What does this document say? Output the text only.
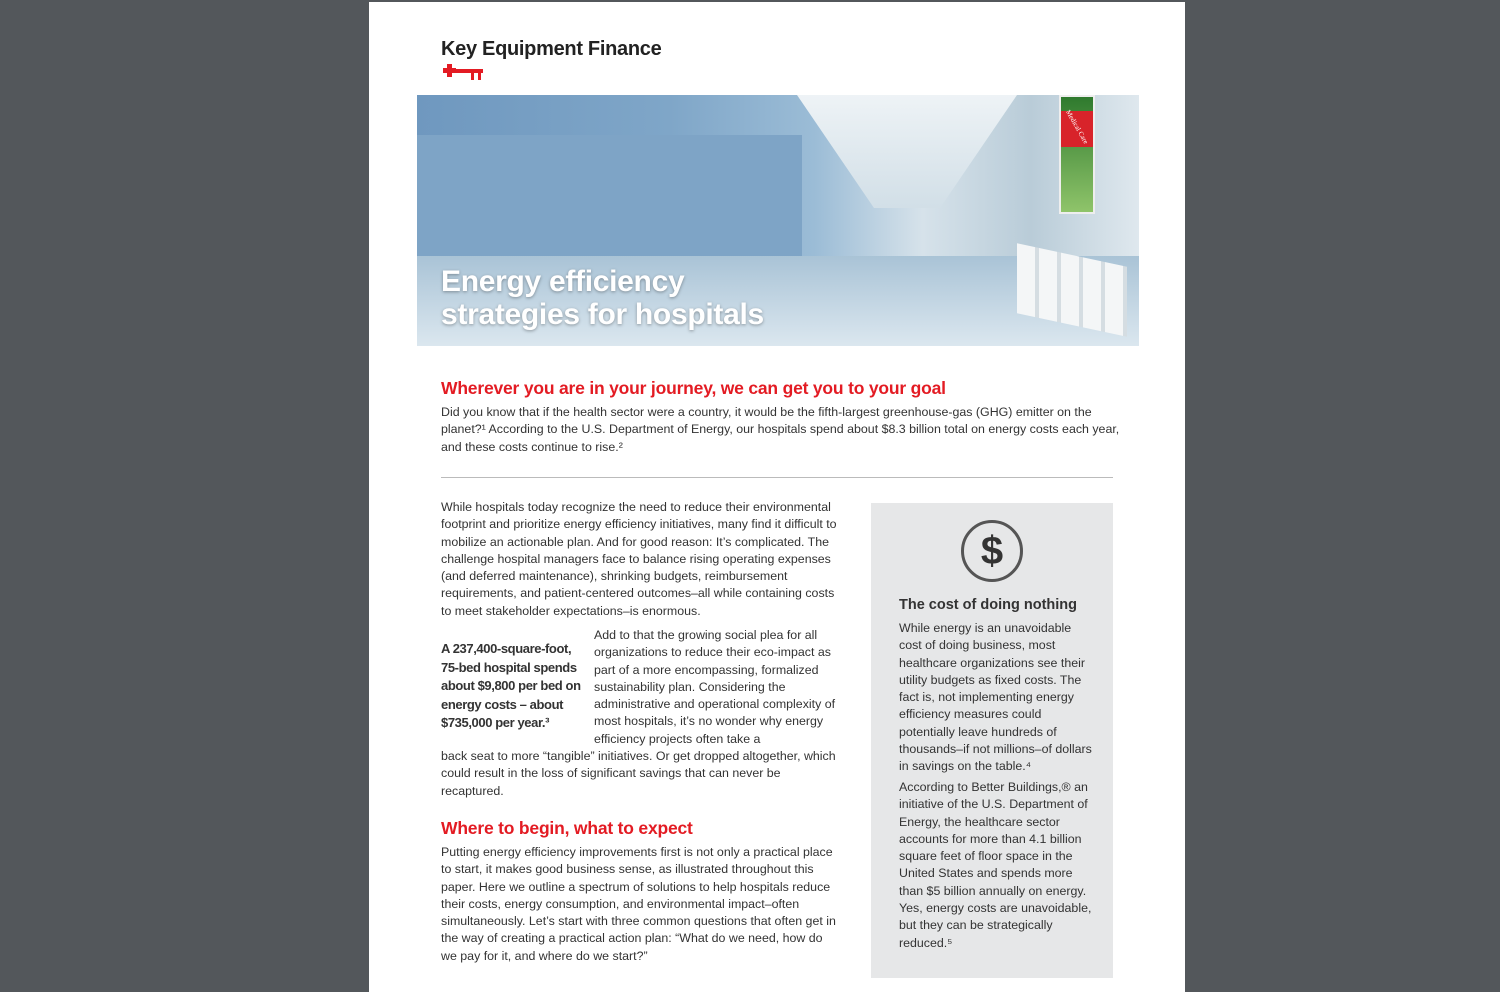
Key Equipment Finance
Medical Care
Energy efficiency
strategies for hospitals
Wherever you are in your journey, we can get you to your goal
Did you know that if the health sector were a country, it would be the fifth-largest greenhouse-gas (GHG) emitter on the planet?¹ According to the U.S. Department of Energy, our hospitals spend about $8.3 billion total on energy costs each year, and these costs continue to rise.²
While hospitals today recognize the need to reduce their environmental footprint and prioritize energy efficiency initiatives, many find it difficult to mobilize an actionable plan. And for good reason: It’s complicated. The challenge hospital managers face to balance rising operating expenses (and deferred maintenance), shrinking budgets, reimbursement requirements, and patient-centered outcomes–all while containing costs to meet stakeholder expectations–is enormous.
A 237,400-square-foot, 75-bed hospital spends about $9,800 per bed on energy costs – about $735,000 per year.³
Add to that the growing social plea for all organizations to reduce their eco-impact as part of a more encompassing, formalized sustainability plan. Considering the administrative and operational complexity of most hospitals, it’s no wonder why energy efficiency projects often take a
back seat to more “tangible” initiatives. Or get dropped altogether, which could result in the loss of significant savings that can never be recaptured.
Where to begin, what to expect
Putting energy efficiency improvements first is not only a practical place to start, it makes good business sense, as illustrated throughout this paper. Here we outline a spectrum of solutions to help hospitals reduce their costs, energy consumption, and environmental impact–often simultaneously. Let’s start with three common questions that often get in the way of creating a practical action plan: “What do we need, how do we pay for it, and where do we start?”
$
The cost of doing nothing
While energy is an unavoidable cost of doing business, most healthcare organizations see their utility budgets as fixed costs. The fact is, not implementing energy efficiency measures could potentially leave hundreds of thousands–if not millions–of dollars in savings on the table.⁴
According to Better Buildings,® an initiative of the U.S. Department of Energy, the healthcare sector accounts for more than 4.1 billion square feet of floor space in the United States and spends more than $5 billion annually on energy. Yes, energy costs are unavoidable, but they can be strategically reduced.⁵
